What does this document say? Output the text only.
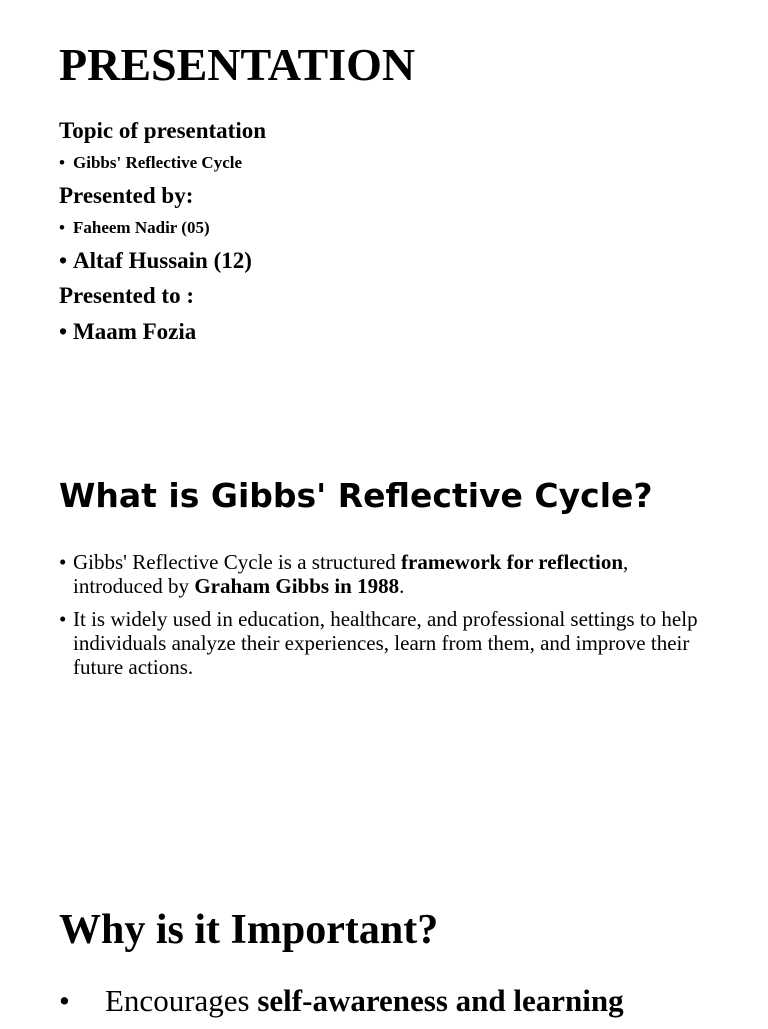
PRESENTATION
Topic of presentation
• Gibbs' Reflective Cycle
Presented by:
• Faheem Nadir (05)
• Altaf Hussain (12)
Presented to :
• Maam Fozia
What is Gibbs' Reflective Cycle?
• Gibbs' Reflective Cycle is a structured framework for reflection, introduced by Graham Gibbs in 1988.
• It is widely used in education, healthcare, and professional settings to help individuals analyze their experiences, learn from them, and improve their future actions.
Why is it Important?
• Encourages self-awareness and learning
